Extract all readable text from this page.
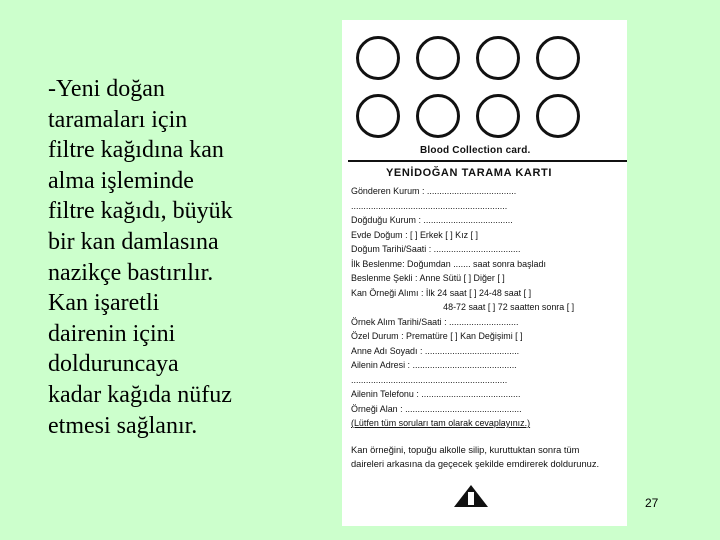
-Yeni doğan
taramaları için
filtre kağıdına kan
alma işleminde
filtre kağıdı, büyük
bir kan damlasına
nazikçe bastırılır.
Kan işaretli
dairenin içini
dolduruncaya
kadar kağıda nüfuz
etmesi sağlanır.
Blood Collection card.
YENİDOĞAN TARAMA KARTI
Gönderen Kurum : ....................................
...............................................................
Doğduğu Kurum : ....................................
Evde Doğum : [ ] Erkek [ ] Kız [ ]
Doğum Tarihi/Saati : ...................................
İlk Beslenme: Doğumdan ....... saat sonra başladı
Beslenme Şekli : Anne Sütü [ ] Diğer [ ]
Kan Örneği Alımı : İlk 24 saat [ ] 24-48 saat [ ]
48-72 saat [ ] 72 saatten sonra [ ]
Örnek Alım Tarihi/Saati : ............................
Özel Durum : Prematüre [ ] Kan Değişimi [ ]
Anne Adı Soyadı : ......................................
Ailenin Adresi : ..........................................
...............................................................
Ailenin Telefonu : ........................................
Örneği Alan : ...............................................
(Lütfen tüm soruları tam olarak cevaplayınız.)
Kan örneğini, topuğu alkolle silip, kuruttuktan sonra tüm daireleri arkasına da geçecek şekilde emdirerek doldurunuz.
27
